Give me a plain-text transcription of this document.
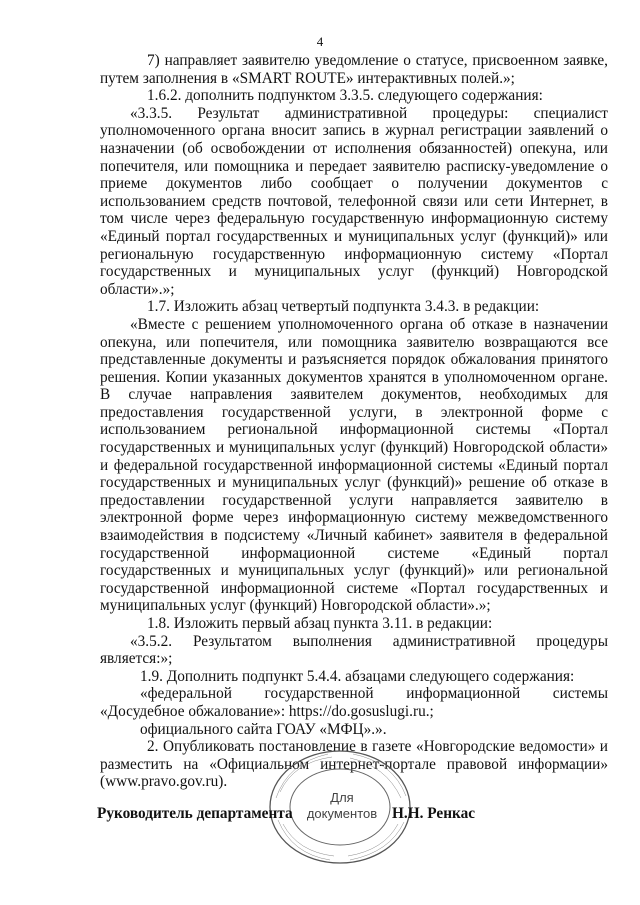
4

7) направляет заявителю уведомление о статусе, присвоенном заявке, путем заполнения в «SMART ROUTE» интерактивных полей.»;

1.6.2. дополнить подпунктом 3.3.5. следующего содержания:

«3.3.5. Результат административной процедуры: специалист уполномоченного органа вносит запись в журнал регистрации заявлений о назначении (об освобождении от исполнения обязанностей) опекуна, или попечителя, или помощника и передает заявителю расписку-уведомление о приеме документов либо сообщает о получении документов с использованием средств почтовой, телефонной связи или сети Интернет, в том числе через федеральную государственную информационную систему «Единый портал государственных и муниципальных услуг (функций)» или региональную государственную информационную систему «Портал государственных и муниципальных услуг (функций) Новгородской области».»;

1.7. Изложить абзац четвертый подпункта 3.4.3. в редакции:

«Вместе с решением уполномоченного органа об отказе в назначении опекуна, или попечителя, или помощника заявителю возвращаются все представленные документы и разъясняется порядок обжалования принятого решения. Копии указанных документов хранятся в уполномоченном органе. В случае направления заявителем документов, необходимых для предоставления государственной услуги, в электронной форме с использованием региональной информационной системы «Портал государственных и муниципальных услуг (функций) Новгородской области» и федеральной государственной информационной системы «Единый портал государственных и муниципальных услуг (функций)» решение об отказе в предоставлении государственной услуги направляется заявителю в электронной форме через информационную систему межведомственного взаимодействия в подсистему «Личный кабинет» заявителя в федеральной государственной информационной системе «Единый портал государственных и муниципальных услуг (функций)» или региональной государственной информационной системе «Портал государственных и муниципальных услуг (функций) Новгородской области».»;

1.8. Изложить первый абзац пункта 3.11. в редакции:

«3.5.2. Результатом выполнения административной процедуры является:»;

1.9. Дополнить подпункт 5.4.4. абзацами следующего содержания:

«федеральной государственной информационной системы «Досудебное обжалование»: https://do.gosuslugi.ru.;

официального сайта ГОАУ «МФЦ».».

2. Опубликовать постановление в газете «Новгородские ведомости» и разместить на «Официальном интернет-портале правовой информации» (www.pravo.gov.ru).

Для
документов
Руководитель департамента	Н.Н. Ренкас
